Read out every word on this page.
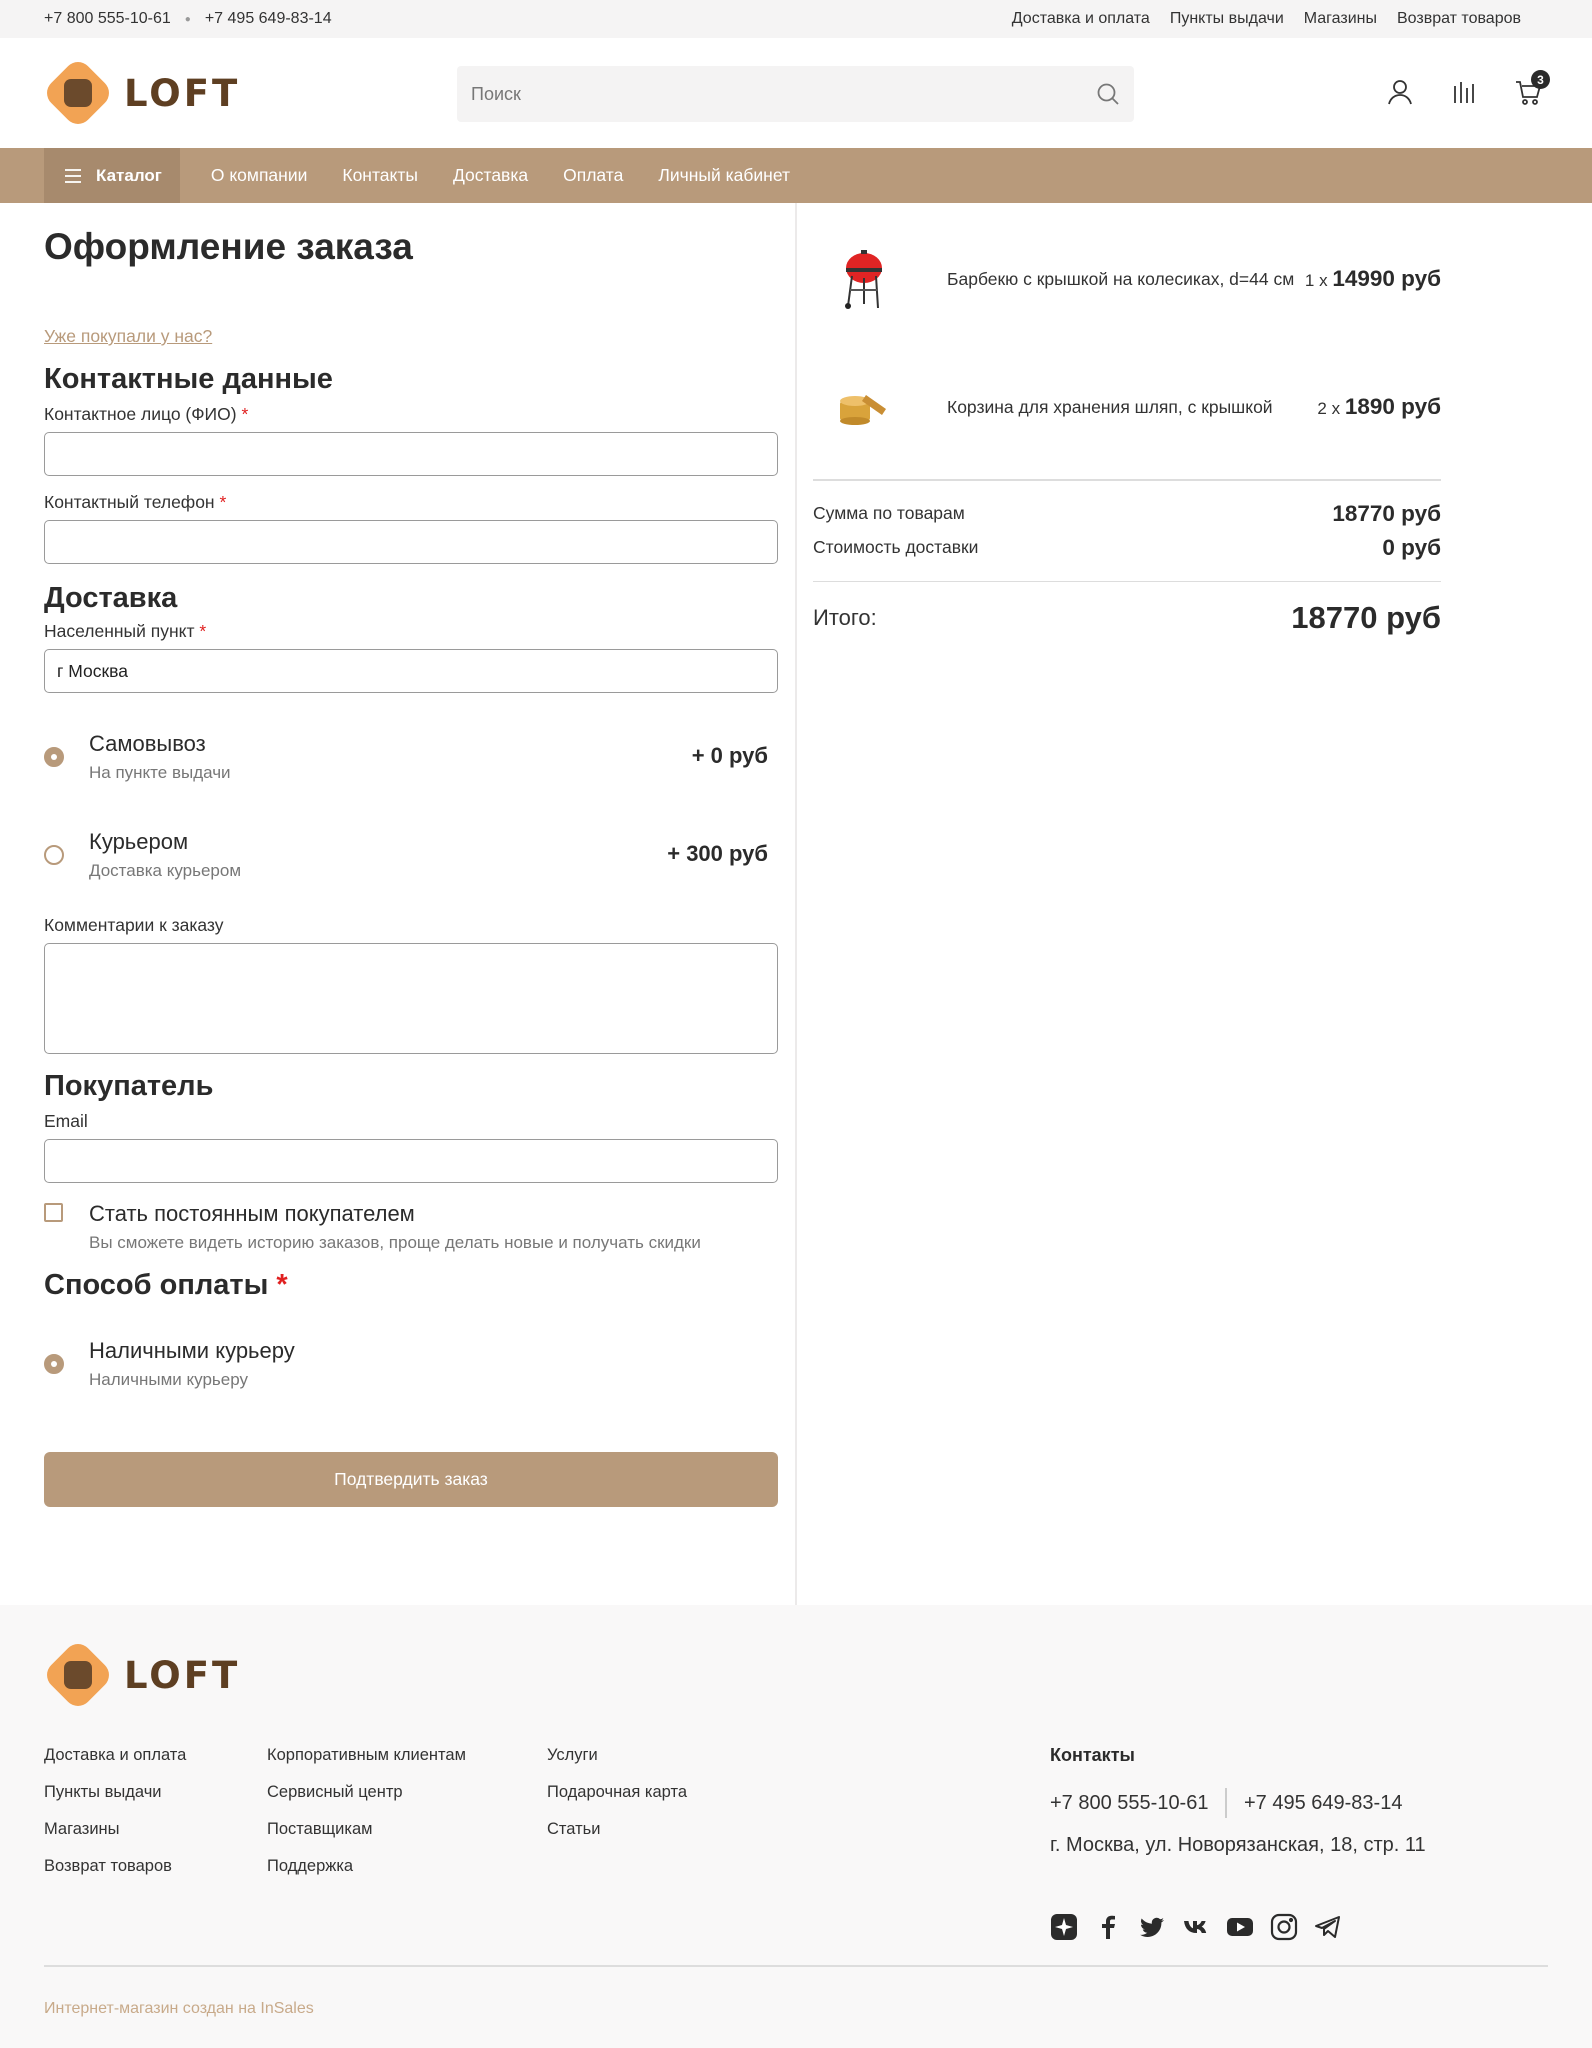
+7 800 555-10-61 ● +7 495 649-83-14	Доставка и оплата Пункты выдачи Магазины Возврат товаров
LOFT
Поиск	3
Каталог	О компании Контакты Доставка Оплата Личный кабинет
Оформление заказа
Уже покупали у нас?
Контактные данные
Контактное лицо (ФИО) *
Контактный телефон *
Доставка
Населенный пункт *
г Москва
Самовывоз
На пункте выдачи
+ 0 руб
Курьером
Доставка курьером
+ 300 руб
Комментарии к заказу
Покупатель
Email
Стать постоянным покупателем
Вы сможете видеть историю заказов, проще делать новые и получать скидки
Способ оплаты *
Наличными курьеру
Наличными курьеру
Подтвердить заказ
Барбекю с крышкой на колесиках, d=44 см 1 x 14990 руб
Корзина для хранения шляп, с крышкой	2 x 1890 руб
Сумма по товарам	18770 руб
Стоимость доставки	0 руб
Итого:	18770 руб
LOFT
Доставка и оплата
Пункты выдачи
Магазины
Возврат товаров
Корпоративным клиентам
Сервисный центр
Поставщикам
Поддержка
Услуги
Подарочная карта
Статьи
Контакты
+7 800 555-10-61 +7 495 649-83-14
г. Москва, ул. Новорязанская, 18, стр. 11
Интернет-магазин создан на InSales
